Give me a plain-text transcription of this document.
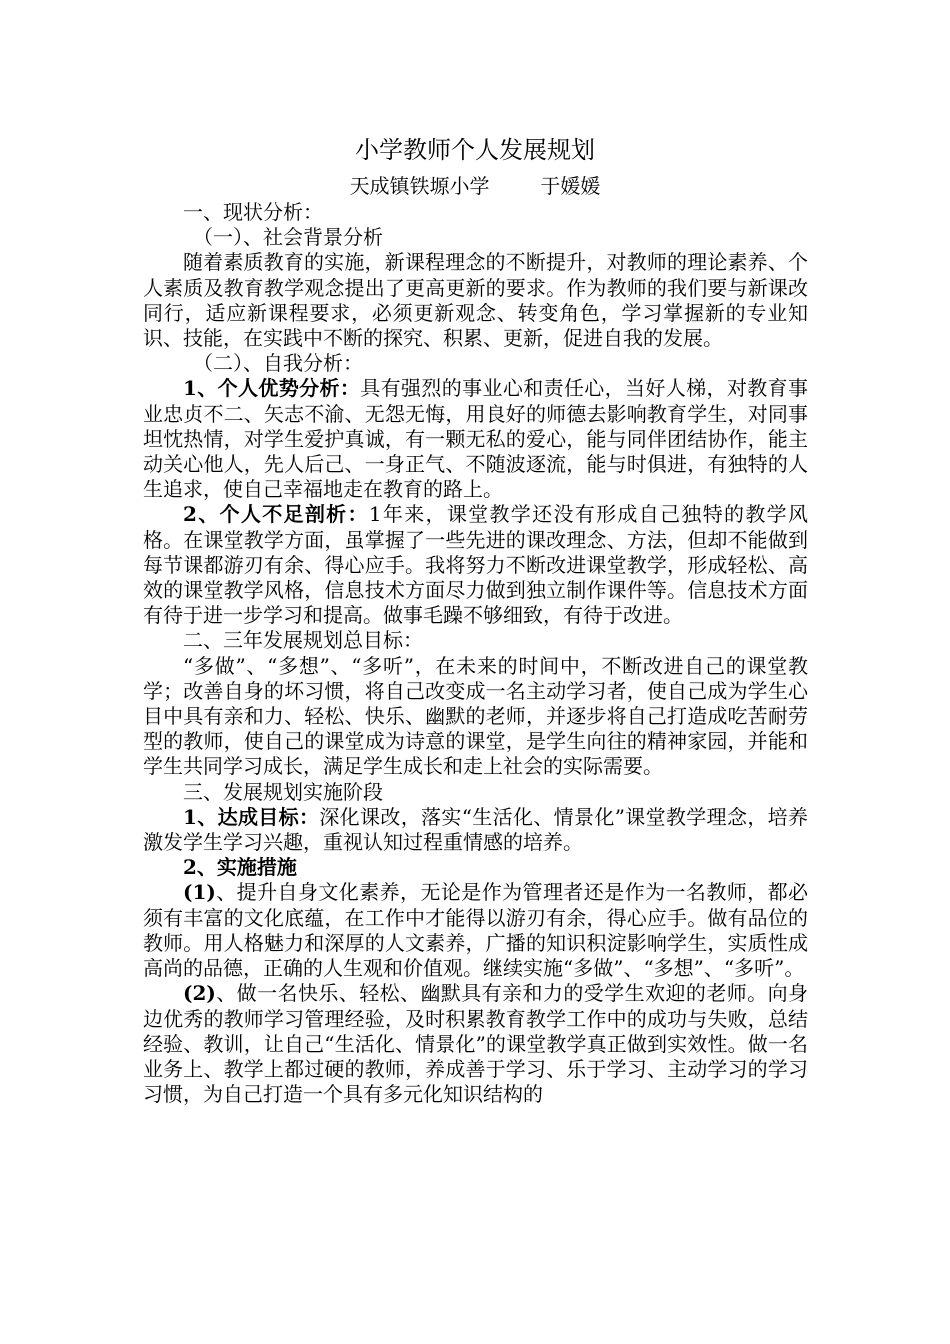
小学教师个人发展规划
天成镇铁塬小学        于媛媛

一、现状分析：

（一）、社会背景分析

随着素质教育的实施，新课程理念的不断提升，对教师的理论素养、个人素质及教育教学观念提出了更高更新的要求。作为教师的我们要与新课改同行，适应新课程要求，必须更新观念、转变角色，学习掌握新的专业知识、技能，在实践中不断的探究、积累、更新，促进自我的发展。

（二）、自我分析：

1、个人优势分析：具有强烈的事业心和责任心，当好人梯，对教育事业忠贞不二、矢志不渝、无怨无悔，用良好的师德去影响教育学生，对同事坦忱热情，对学生爱护真诚，有一颗无私的爱心，能与同伴团结协作，能主动关心他人，先人后己、一身正气、不随波逐流，能与时俱进，有独特的人生追求，使自己幸福地走在教育的路上。

2、个人不足剖析：1年来，课堂教学还没有形成自己独特的教学风格。在课堂教学方面，虽掌握了一些先进的课改理念、方法，但却不能做到每节课都游刃有余、得心应手。我将努力不断改进课堂教学，形成轻松、高效的课堂教学风格，信息技术方面尽力做到独立制作课件等。信息技术方面有待于进一步学习和提高。做事毛躁不够细致，有待于改进。

二、三年发展规划总目标：

“多做”、“多想”、“多听”，在未来的时间中，不断改进自己的课堂教学；改善自身的坏习惯，将自己改变成一名主动学习者，使自己成为学生心目中具有亲和力、轻松、快乐、幽默的老师，并逐步将自己打造成吃苦耐劳型的教师，使自己的课堂成为诗意的课堂，是学生向往的精神家园，并能和学生共同学习成长，满足学生成长和走上社会的实际需要。

三、发展规划实施阶段

1、达成目标：深化课改，落实“生活化、情景化”课堂教学理念，培养激发学生学习兴趣，重视认知过程重情感的培养。

2、实施措施

(1)、提升自身文化素养，无论是作为管理者还是作为一名教师，都必须有丰富的文化底蕴，在工作中才能得以游刃有余，得心应手。做有品位的教师。用人格魅力和深厚的人文素养，广播的知识积淀影响学生，实质性成高尚的品德，正确的人生观和价值观。继续实施“多做”、“多想”、“多听”。

(2)、做一名快乐、轻松、幽默具有亲和力的受学生欢迎的老师。向身边优秀的教师学习管理经验，及时积累教育教学工作中的成功与失败，总结经验、教训，让自己“生活化、情景化”的课堂教学真正做到实效性。做一名业务上、教学上都过硬的教师，养成善于学习、乐于学习、主动学习的学习习惯，为自己打造一个具有多元化知识结构的
